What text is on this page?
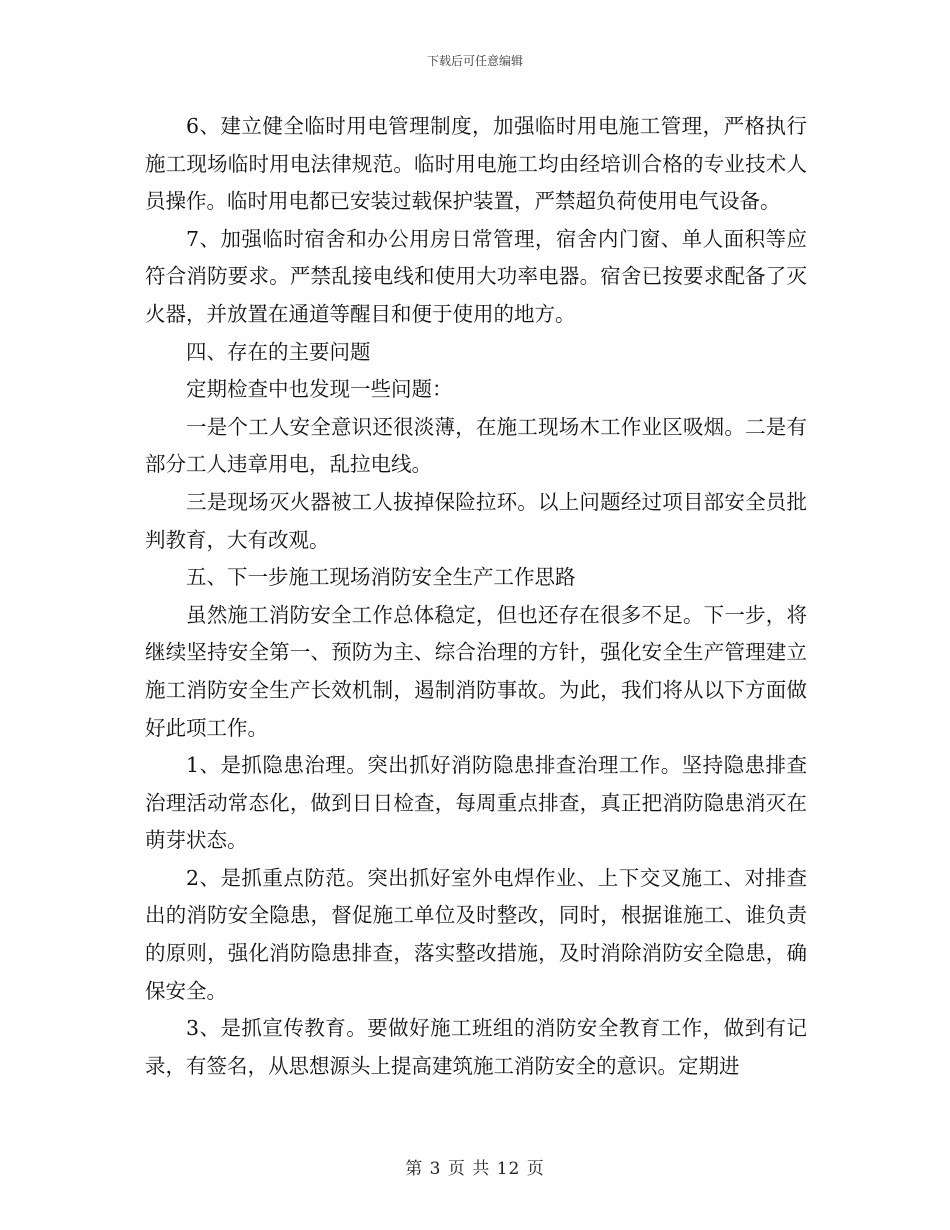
下载后可任意编辑

6、建立健全临时用电管理制度，加强临时用电施工管理，严格执行施工现场临时用电法律规范。临时用电施工均由经培训合格的专业技术人员操作。临时用电都已安装过载保护装置，严禁超负荷使用电气设备。

7、加强临时宿舍和办公用房日常管理，宿舍内门窗、单人面积等应符合消防要求。严禁乱接电线和使用大功率电器。宿舍已按要求配备了灭火器，并放置在通道等醒目和便于使用的地方。

四、存在的主要问题

定期检查中也发现一些问题：

一是个工人安全意识还很淡薄，在施工现场木工作业区吸烟。二是有部分工人违章用电，乱拉电线。

三是现场灭火器被工人拔掉保险拉环。以上问题经过项目部安全员批判教育，大有改观。

五、下一步施工现场消防安全生产工作思路

虽然施工消防安全工作总体稳定，但也还存在很多不足。下一步，将继续坚持安全第一、预防为主、综合治理的方针，强化安全生产管理建立施工消防安全生产长效机制，遏制消防事故。为此，我们将从以下方面做好此项工作。

1、是抓隐患治理。突出抓好消防隐患排查治理工作。坚持隐患排查治理活动常态化，做到日日检查，每周重点排查，真正把消防隐患消灭在萌芽状态。

2、是抓重点防范。突出抓好室外电焊作业、上下交叉施工、对排查出的消防安全隐患，督促施工单位及时整改，同时，根据谁施工、谁负责的原则，强化消防隐患排查，落实整改措施，及时消除消防安全隐患，确保安全。

3、是抓宣传教育。要做好施工班组的消防安全教育工作，做到有记录，有签名，从思想源头上提高建筑施工消防安全的意识。定期进

第 3 页 共 12 页
